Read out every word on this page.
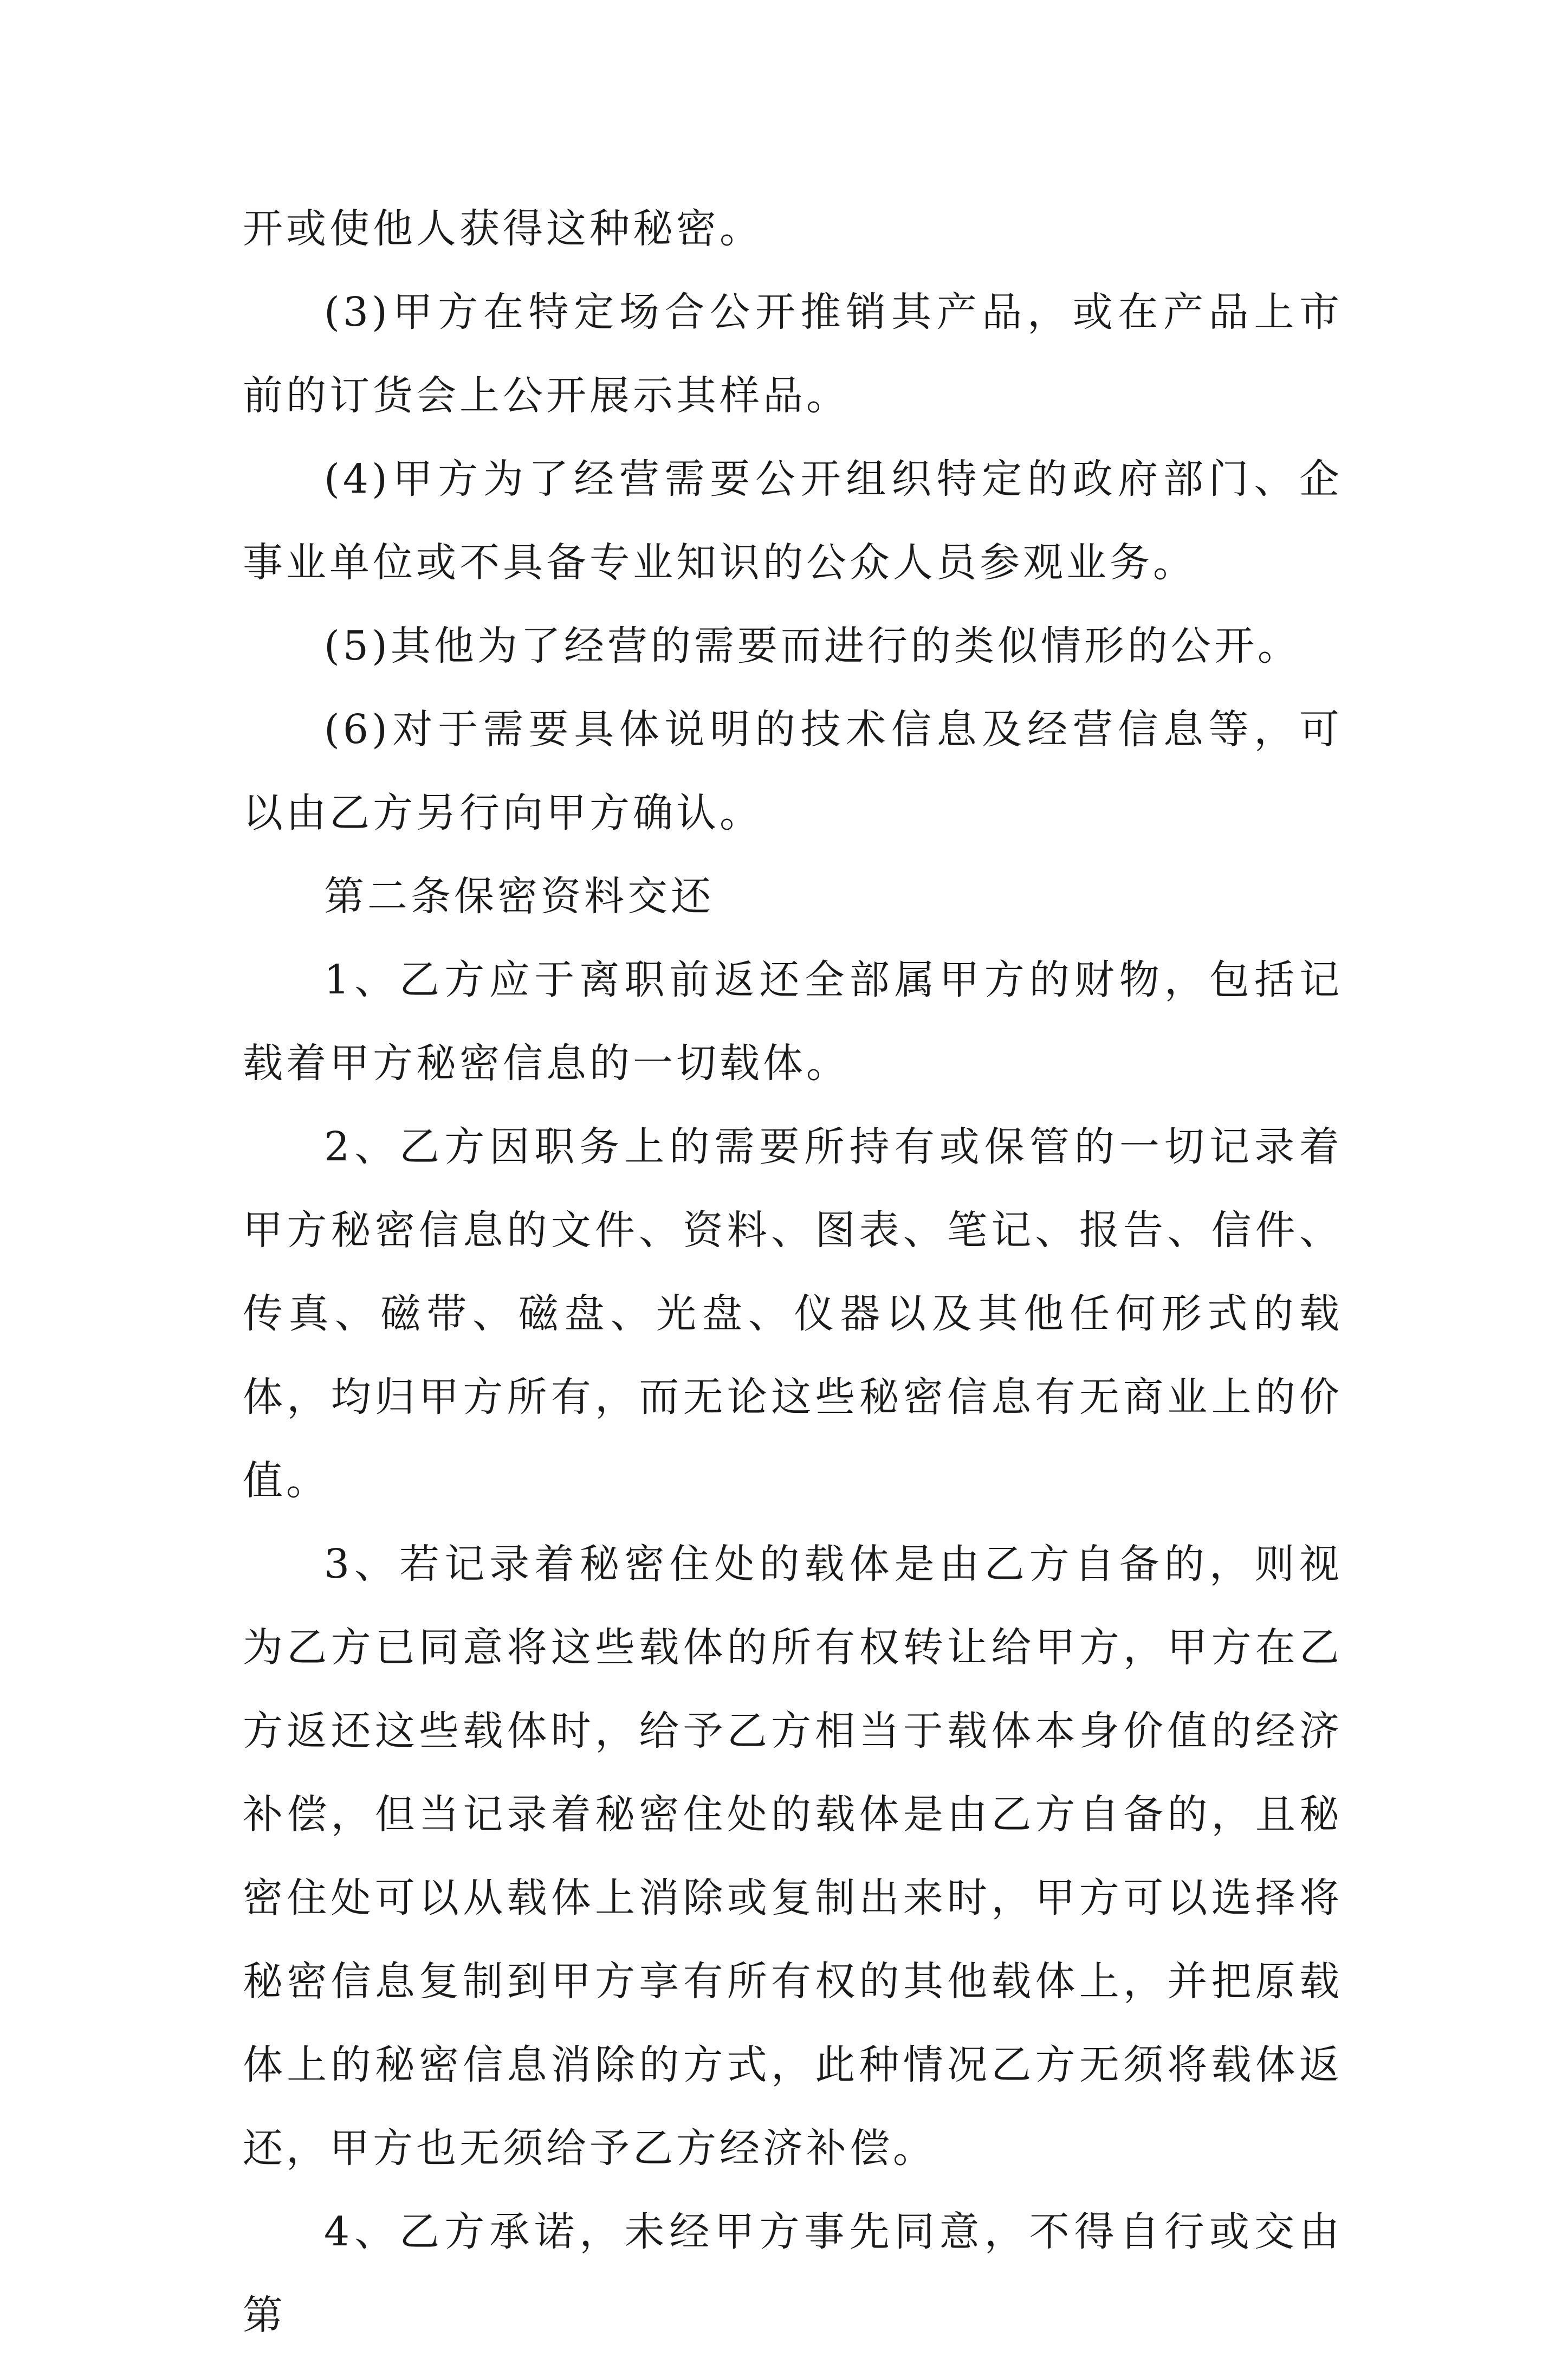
开或使他人获得这种秘密。

(3)甲方在特定场合公开推销其产品，或在产品上市前的订货会上公开展示其样品。

(4)甲方为了经营需要公开组织特定的政府部门、企事业单位或不具备专业知识的公众人员参观业务。

(5)其他为了经营的需要而进行的类似情形的公开。

(6)对于需要具体说明的技术信息及经营信息等，可以由乙方另行向甲方确认。

第二条保密资料交还

1、乙方应于离职前返还全部属甲方的财物，包括记载着甲方秘密信息的一切载体。

2、乙方因职务上的需要所持有或保管的一切记录着甲方秘密信息的文件、资料、图表、笔记、报告、信件、传真、磁带、磁盘、光盘、仪器以及其他任何形式的载体，均归甲方所有，而无论这些秘密信息有无商业上的价值。

3、若记录着秘密住处的载体是由乙方自备的，则视为乙方已同意将这些载体的所有权转让给甲方，甲方在乙方返还这些载体时，给予乙方相当于载体本身价值的经济补偿，但当记录着秘密住处的载体是由乙方自备的，且秘密住处可以从载体上消除或复制出来时，甲方可以选择将秘密信息复制到甲方享有所有权的其他载体上，并把原载体上的秘密信息消除的方式，此种情况乙方无须将载体返还，甲方也无须给予乙方经济补偿。

4、乙方承诺，未经甲方事先同意，不得自行或交由第
